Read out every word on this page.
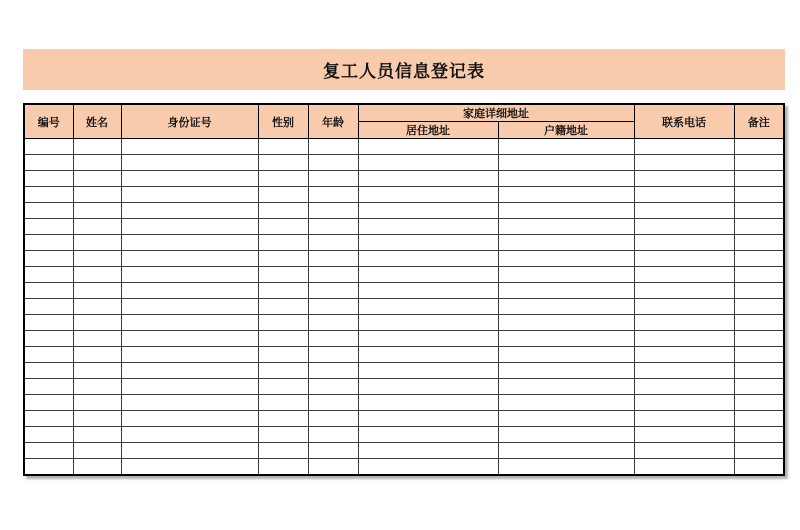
复工人员信息登记表
编号	姓名	身份证号	性别	年龄	家庭详细地址		联系电话	备注
					居住地址	户籍地址		
